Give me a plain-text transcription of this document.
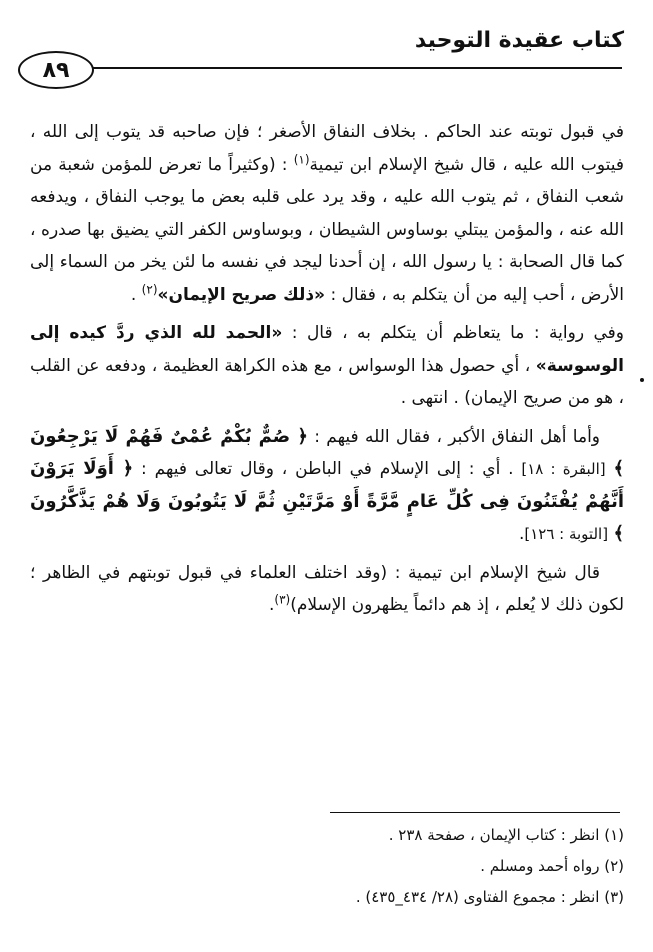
كتاب عقيدة التوحيد
٨٩

في قبول توبته عند الحاكم . بخلاف النفاق الأصغر ؛ فإن صاحبه قد يتوب إلى الله ، فيتوب الله عليه ، قال شيخ الإسلام ابن تيمية$^{(١)}$ : (وكثيراً ما تعرض للمؤمن شعبة من شعب النفاق ، ثم يتوب الله عليه ، وقد يرد على قلبه بعض ما يوجب النفاق ، ويدفعه الله عنه ، والمؤمن يبتلي بوساوس الشيطان ، وبوساوس الكفر التي يضيق بها صدره ، كما قال الصحابة : يا رسول الله ، إن أحدنا ليجد في نفسه ما لئن يخر من السماء إلى الأرض ، أحب إليه من أن يتكلم به ، فقال : «ذلك صريح الإيمان»$^{(٢)}$ .

وفي رواية : ما يتعاظم أن يتكلم به ، قال : «الحمد لله الذي ردَّ كيده إلى الوسوسة» ، أي حصول هذا الوسواس ، مع هذه الكراهة العظيمة ، ودفعه عن القلب ، هو من صريح الإيمان) . انتهى .

وأما أهل النفاق الأكبر ، فقال الله فيهم : ﴿ صُمٌّ بُكْمٌ عُمْىٌ فَهُمْ لَا يَرْجِعُونَ ﴾ [البقرة : ١٨] . أي : إلى الإسلام في الباطن ، وقال تعالى فيهم : ﴿ أَوَلَا يَرَوْنَ أَنَّهُمْ يُفْتَنُونَ فِى كُلِّ عَامٍ مَّرَّةً أَوْ مَرَّتَيْنِ ثُمَّ لَا يَتُوبُونَ وَلَا هُمْ يَذَّكَّرُونَ ﴾ [التوبة : ١٢٦].

قال شيخ الإسلام ابن تيمية : (وقد اختلف العلماء في قبول توبتهم في الظاهر ؛ لكون ذلك لا يُعلم ، إذ هم دائماً يظهرون الإسلام)$^{(٣)}$.

(١) انظر : كتاب الإيمان ، صفحة ٢٣٨ .

(٢) رواه أحمد ومسلم .

(٣) انظر : مجموع الفتاوى (٢٨/ ٤٣٤_٤٣٥) .
